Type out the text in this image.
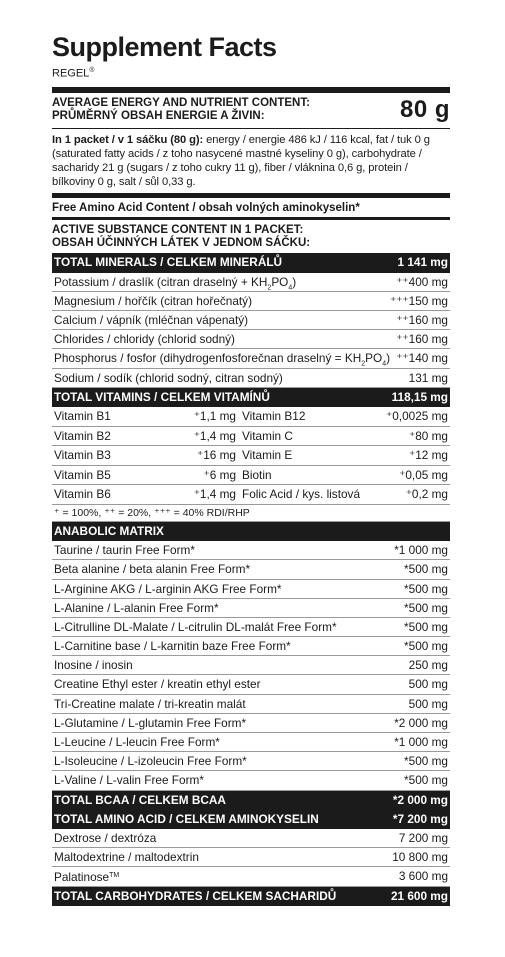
Supplement Facts
REGEL®
AVERAGE ENERGY AND NUTRIENT CONTENT:
PRŮMĚRNÝ OBSAH ENERGIE A ŽIVIN:	80 g
In 1 packet / v 1 sáčku (80 g): energy / energie 486 kJ / 116 kcal, fat / tuk 0 g (saturated fatty acids / z toho nasycené mastné kyseliny 0 g), carbohydrate / sacharidy 21 g (sugars / z toho cukry 11 g), fiber / vláknina 0,6 g, protein / bílkoviny 0 g, salt / sůl 0,33 g.
Free Amino Acid Content / obsah volných aminokyselin*
ACTIVE SUBSTANCE CONTENT IN 1 PACKET:
OBSAH ÚČINNÝCH LÁTEK V JEDNOM SÁČKU:
TOTAL MINERALS / CELKEM MINERÁLŮ	1 141 mg
Potassium / draslík (citran draselný + $KH_2PO_4$)	⁺⁺400 mg
Magnesium / hořčík (citran hořečnatý)	⁺⁺⁺150 mg
Calcium / vápník (mléčnan vápenatý)	⁺⁺160 mg
Chlorides / chloridy (chlorid sodný)	⁺⁺160 mg
Phosphorus / fosfor (dihydrogenfosforečnan draselný = $KH_2PO_4$) ⁺⁺140 mg
Sodium / sodík (chlorid sodný, citran sodný)	131 mg
TOTAL VITAMINS / CELKEM VITAMÍNŮ	118,15 mg
Vitamin B1	⁺1,1 mg Vitamin B12	⁺0,0025 mg
Vitamin B2	⁺1,4 mg Vitamin C	⁺80 mg
Vitamin B3	⁺16 mg Vitamin E	⁺12 mg
Vitamin B5	⁺6 mg Biotin	⁺0,05 mg
Vitamin B6	⁺1,4 mg Folic Acid / kys. listová	⁺0,2 mg
⁺ = 100%, ⁺⁺ = 20%, ⁺⁺⁺ = 40% RDI/RHP
ANABOLIC MATRIX
Taurine / taurin Free Form*	*1 000 mg
Beta alanine / beta alanin Free Form*	*500 mg
L-Arginine AKG / L-arginin AKG Free Form*	*500 mg
L-Alanine / L-alanin Free Form*	*500 mg
L-Citrulline DL-Malate / L-citrulin DL-malát Free Form*	*500 mg
L-Carnitine base / L-karnitin baze Free Form*	*500 mg
Inosine / inosin	250 mg
Creatine Ethyl ester / kreatin ethyl ester	500 mg
Tri-Creatine malate / tri-kreatin malát	500 mg
L-Glutamine / L-glutamin Free Form*	*2 000 mg
L-Leucine / L-leucin Free Form*	*1 000 mg
L-Isoleucine / L-izoleucin Free Form*	*500 mg
L-Valine / L-valin Free Form*	*500 mg
TOTAL BCAA / CELKEM BCAA	*2 000 mg
TOTAL AMINO ACID / CELKEM AMINOKYSELIN	*7 200 mg
Dextrose / dextróza	7 200 mg
Maltodextrine / maltodextrin	10 800 mg
Palatinose™	3 600 mg
TOTAL CARBOHYDRATES / CELKEM SACHARIDŮ	21 600 mg
